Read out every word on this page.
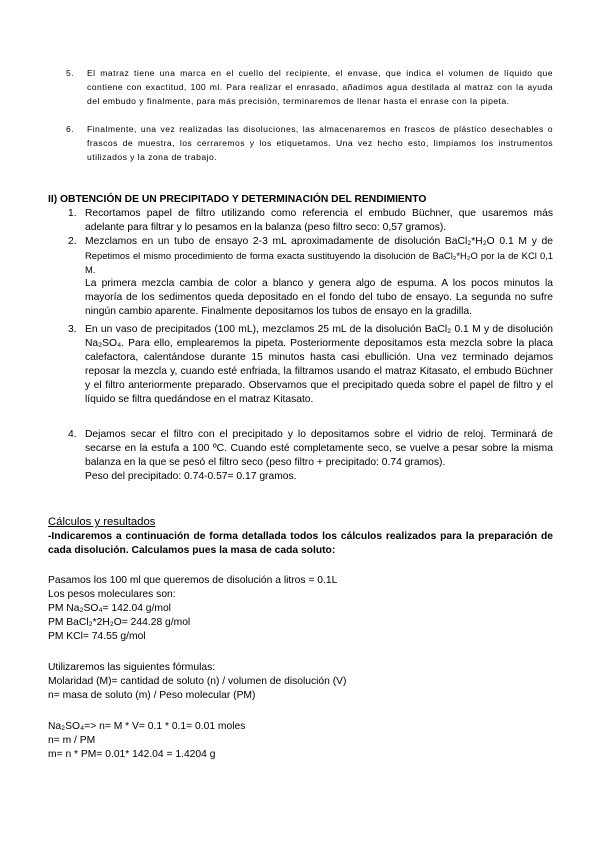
5. El matraz tiene una marca en el cuello del recipiente, el envase, que indica el volumen de líquido que contiene con exactitud, 100 ml. Para realizar el enrasado, añadimos agua destilada al matraz con la ayuda del embudo y finalmente, para más precisión, terminaremos de llenar hasta el enrase con la pipeta.
6. Finalmente, una vez realizadas las disoluciones, las almacenaremos en frascos de plástico desechables o frascos de muestra, los cerraremos y los etiquetamos. Una vez hecho esto, limpiamos los instrumentos utilizados y la zona de trabajo.
II) OBTENCIÓN DE UN PRECIPITADO Y DETERMINACIÓN DEL RENDIMIENTO
1. Recortamos papel de filtro utilizando como referencia el embudo Büchner, que usaremos más adelante para filtrar y lo pesamos en la balanza (peso filtro seco: 0,57 gramos).
2. Mezclamos en un tubo de ensayo 2-3 mL aproximadamente de disolución BaCl₂*H₂O 0.1 M y de
Repetimos el mismo procedimiento de forma exacta sustituyendo la disolución de BaCl₂*H₂O por la de KCl 0,1 M.
La primera mezcla cambia de color a blanco y genera algo de espuma. A los pocos minutos la mayoría de los sedimentos queda depositado en el fondo del tubo de ensayo. La segunda no sufre ningún cambio aparente. Finalmente depositamos los tubos de ensayo en la gradilla.
3. En un vaso de precipitados (100 mL), mezclamos 25 mL de la disolución BaCl₂ 0.1 M y de disolución Na₂SO₄. Para ello, emplearemos la pipeta. Posteriormente depositamos esta mezcla sobre la placa calefactora, calentándose durante 15 minutos hasta casi ebullición. Una vez terminado dejamos reposar la mezcla y, cuando esté enfriada, la filtramos usando el matraz Kitasato, el embudo Büchner y el filtro anteriormente preparado. Observamos que el precipitado queda sobre el papel de filtro y el líquido se filtra quedándose en el matraz Kitasato.
4. Dejamos secar el filtro con el precipitado y lo depositamos sobre el vidrio de reloj. Terminará de secarse en la estufa a 100 ºC. Cuando esté completamente seco, se vuelve a pesar sobre la misma balanza en la que se pesó el filtro seco (peso filtro + precipitado: 0.74 gramos).
Peso del precipitado: 0.74-0.57= 0.17 gramos.
Cálculos y resultados
-Indicaremos a continuación de forma detallada todos los cálculos realizados para la preparación de cada disolución. Calculamos pues la masa de cada soluto:
Pasamos los 100 ml que queremos de disolución a litros = 0.1L
Los pesos moleculares son:
PM Na₂SO₄= 142.04 g/mol
PM BaCl₂*2H₂O= 244.28 g/mol
PM KCl= 74.55 g/mol
Utilizaremos las siguientes fórmulas:
Molaridad (M)= cantidad de soluto (n) / volumen de disolución (V)
n= masa de soluto (m) / Peso molecular (PM)
Na₂SO₄=> n= M * V= 0.1 * 0.1= 0.01 moles
n= m / PM
m= n * PM= 0.01* 142.04 = 1.4204 g
